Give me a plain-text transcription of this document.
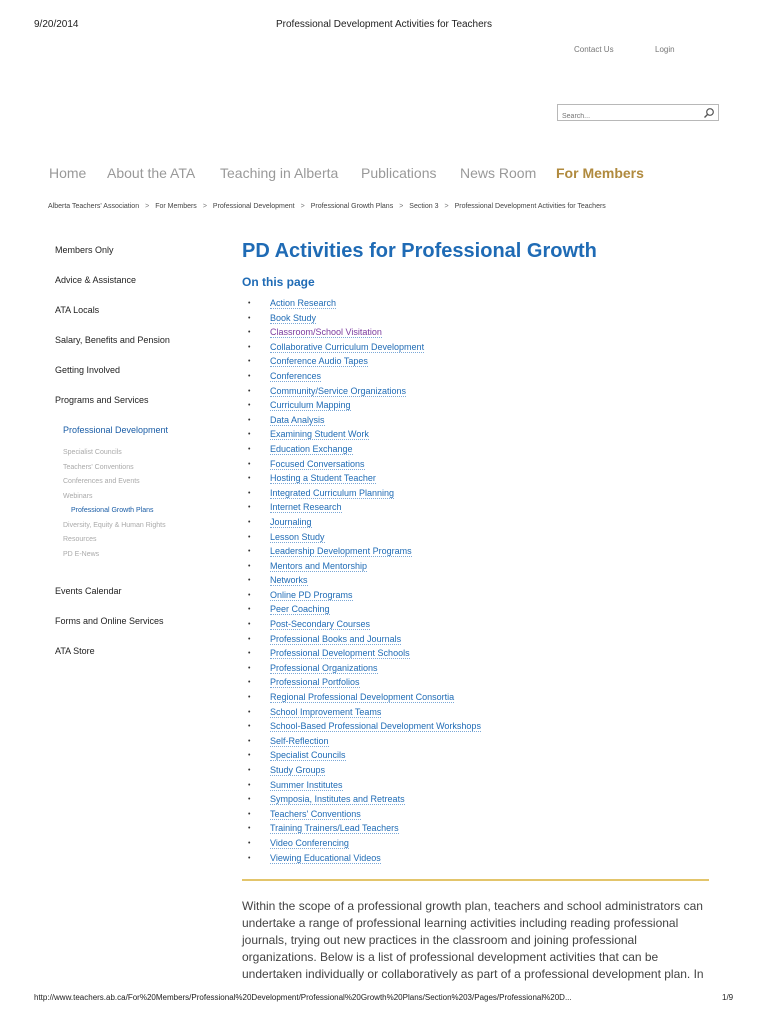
9/20/2014	Professional Development Activities for Teachers
Contact Us	Login
Search...
Home About the ATA Teaching in Alberta Publications News Room For Members
Alberta Teachers' Association > For Members > Professional Development > Professional Growth Plans > Section 3 > Professional Development Activities for Teachers
Members Only
Advice & Assistance
ATA Locals
Salary, Benefits and Pension
Getting Involved
Programs and Services
Professional Development
Specialist Councils
Teachers' Conventions
Conferences and Events
Webinars
Professional Growth Plans
Diversity, Equity & Human Rights
Resources
PD E-News
Events Calendar
Forms and Online Services
ATA Store
PD Activities for Professional Growth
On this page
• Action Research
• Book Study
• Classroom/School Visitation
• Collaborative Curriculum Development
• Conference Audio Tapes
• Conferences
• Community/Service Organizations
• Curriculum Mapping
• Data Analysis
• Examining Student Work
• Education Exchange
• Focused Conversations
• Hosting a Student Teacher
• Integrated Curriculum Planning
• Internet Research
• Journaling
• Lesson Study
• Leadership Development Programs
• Mentors and Mentorship
• Networks
• Online PD Programs
• Peer Coaching
• Post-Secondary Courses
• Professional Books and Journals
• Professional Development Schools
• Professional Organizations
• Professional Portfolios
• Regional Professional Development Consortia
• School Improvement Teams
• School-Based Professional Development Workshops
• Self-Reflection
• Specialist Councils
• Study Groups
• Summer Institutes
• Symposia, Institutes and Retreats
• Teachers' Conventions
• Training Trainers/Lead Teachers
• Video Conferencing
• Viewing Educational Videos
Within the scope of a professional growth plan, teachers and school administrators can undertake a range of professional learning activities including reading professional journals, trying out new practices in the classroom and joining professional organizations. Below is a list of professional development activities that can be undertaken individually or collaboratively as part of a professional development plan. In
http://www.teachers.ab.ca/For%20Members/Professional%20Development/Professional%20Growth%20Plans/Section%203/Pages/Professional%20D...	1/9
